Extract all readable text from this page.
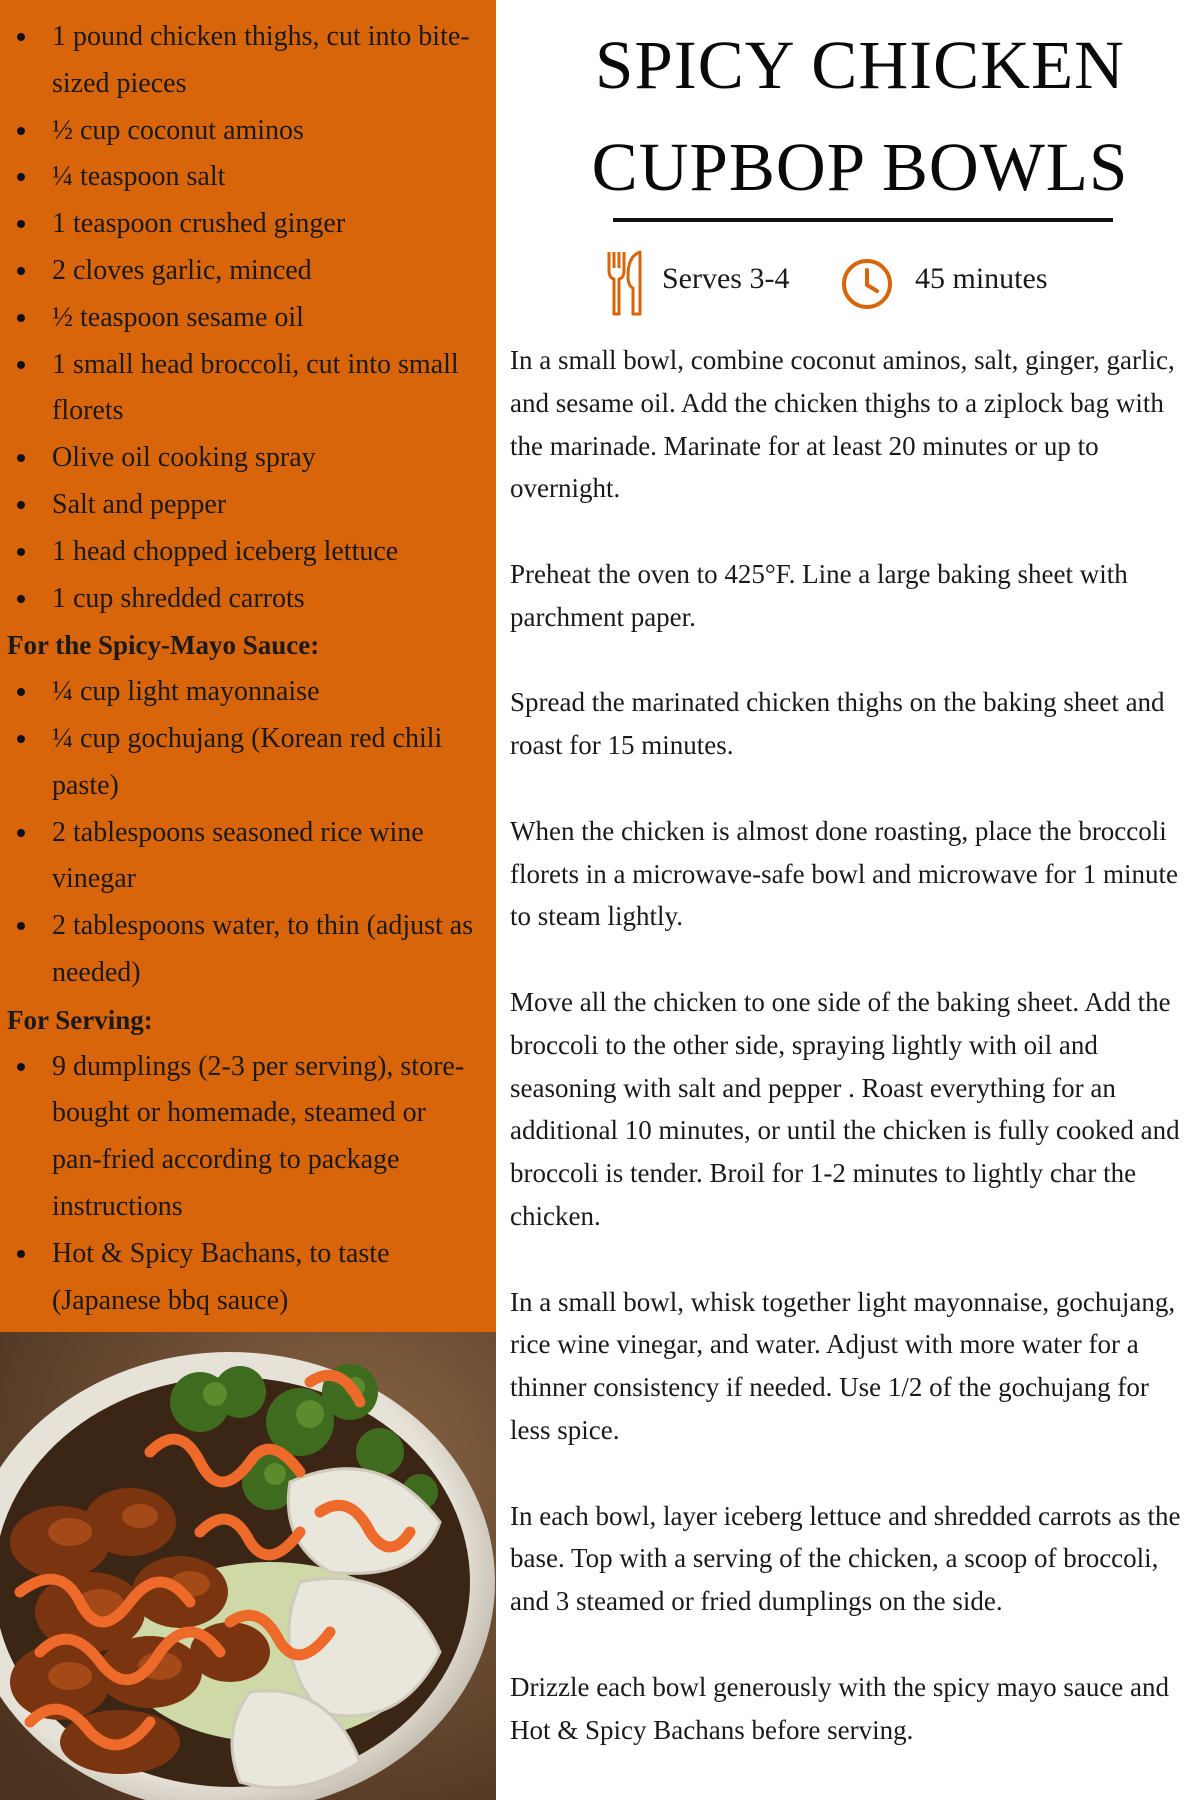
1 pound chicken thighs, cut into bite-sized pieces
½ cup coconut aminos
¼ teaspoon salt
1 teaspoon crushed ginger
2 cloves garlic, minced
½ teaspoon sesame oil
1 small head broccoli, cut into small florets
Olive oil cooking spray
Salt and pepper
1 head chopped iceberg lettuce
1 cup shredded carrots
For the Spicy-Mayo Sauce:
¼ cup light mayonnaise
¼ cup gochujang (Korean red chili paste)
2 tablespoons seasoned rice wine vinegar
2 tablespoons water, to thin (adjust as needed)
For Serving:
9 dumplings (2-3 per serving), store-bought or homemade, steamed or pan-fried according to package instructions
Hot & Spicy Bachans, to taste (Japanese bbq sauce)
SPICY CHICKEN
CUPBOP BOWLS
Serves 3-4	45 minutes

In a small bowl, combine coconut aminos, salt, ginger, garlic, and sesame oil. Add the chicken thighs to a ziplock bag with the marinade. Marinate for at least 20 minutes or up to overnight.

Preheat the oven to 425°F. Line a large baking sheet with parchment paper.

Spread the marinated chicken thighs on the baking sheet and roast for 15 minutes.

When the chicken is almost done roasting, place the broccoli florets in a microwave-safe bowl and microwave for 1 minute to steam lightly.

Move all the chicken to one side of the baking sheet. Add the broccoli to the other side, spraying lightly with oil and seasoning with salt and pepper . Roast everything for an additional 10 minutes, or until the chicken is fully cooked and broccoli is tender. Broil for 1-2 minutes to lightly char the chicken.

In a small bowl, whisk together light mayonnaise, gochujang, rice wine vinegar, and water. Adjust with more water for a thinner consistency if needed. Use 1/2 of the gochujang for less spice.

In each bowl, layer iceberg lettuce and shredded carrots as the base. Top with a serving of the chicken, a scoop of broccoli, and 3 steamed or fried dumplings on the side.

Drizzle each bowl generously with the spicy mayo sauce and Hot & Spicy Bachans before serving.
